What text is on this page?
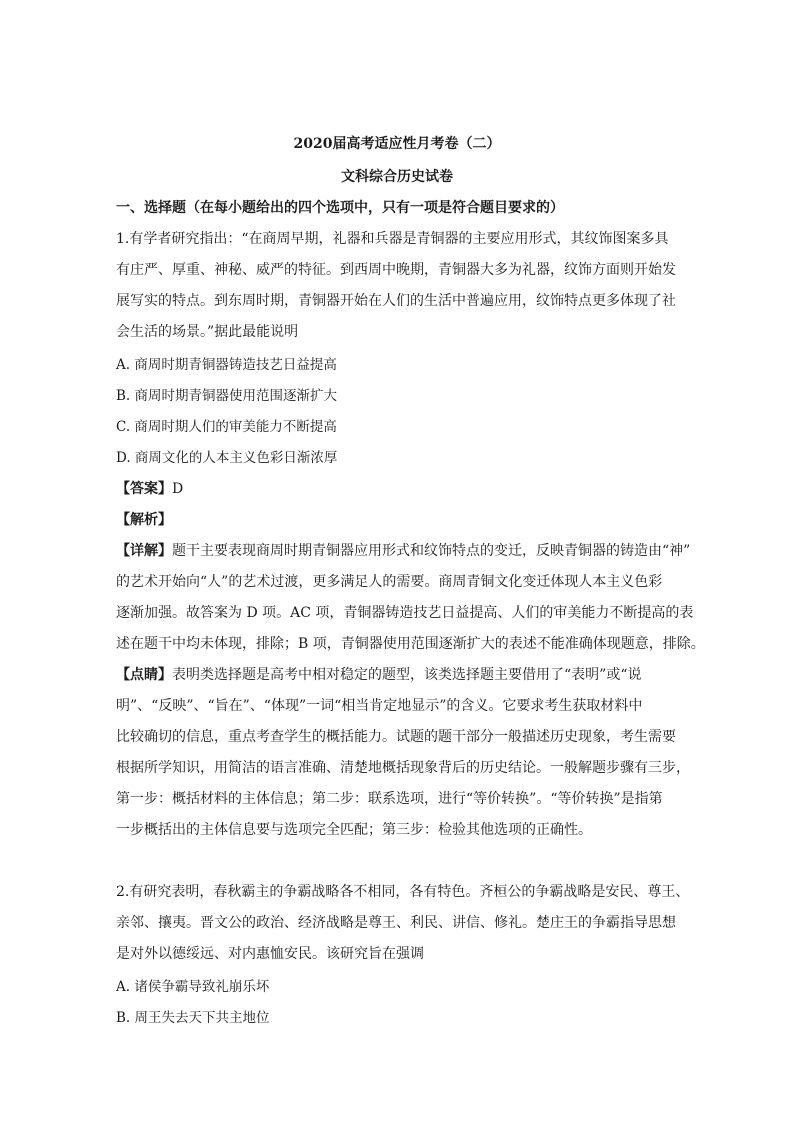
2020届高考适应性月考卷（二）
文科综合历史试卷
一、选择题（在每小题给出的四个选项中，只有一项是符合题目要求的）
1.有学者研究指出：“在商周早期，礼器和兵器是青铜器的主要应用形式，其纹饰图案多具
有庄严、厚重、神秘、威严的特征。到西周中晚期，青铜器大多为礼器，纹饰方面则开始发
展写实的特点。到东周时期，青铜器开始在人们的生活中普遍应用，纹饰特点更多体现了社
会生活的场景。”据此最能说明
A. 商周时期青铜器铸造技艺日益提高
B. 商周时期青铜器使用范围逐渐扩大
C. 商周时期人们的审美能力不断提高
D. 商周文化的人本主义色彩日渐浓厚
【答案】D
【解析】
【详解】题干主要表现商周时期青铜器应用形式和纹饰特点的变迁，反映青铜器的铸造由“神”
的艺术开始向“人”的艺术过渡，更多满足人的需要。商周青铜文化变迁体现人本主义色彩
逐渐加强。故答案为 D 项。AC 项，青铜器铸造技艺日益提高、人们的审美能力不断提高的表
述在题干中均未体现，排除；B 项，青铜器使用范围逐渐扩大的表述不能准确体现题意，排除。
【点睛】表明类选择题是高考中相对稳定的题型，该类选择题主要借用了“表明”或“说
明”、“反映”、“旨在”、“体现”一词“相当肯定地显示”的含义。它要求考生获取材料中
比较确切的信息，重点考查学生的概括能力。试题的题干部分一般描述历史现象，考生需要
根据所学知识，用简洁的语言准确、清楚地概括现象背后的历史结论。一般解题步骤有三步，
第一步：概括材料的主体信息；第二步：联系选项，进行“等价转换”。“等价转换”是指第
一步概括出的主体信息要与选项完全匹配；第三步：检验其他选项的正确性。
2.有研究表明，春秋霸主的争霸战略各不相同，各有特色。齐桓公的争霸战略是安民、尊王、
亲邻、攘夷。晋文公的政治、经济战略是尊王、利民、讲信、修礼。楚庄王的争霸指导思想
是对外以德绥远、对内惠恤安民。该研究旨在强调
A. 诸侯争霸导致礼崩乐坏
B. 周王失去天下共主地位
